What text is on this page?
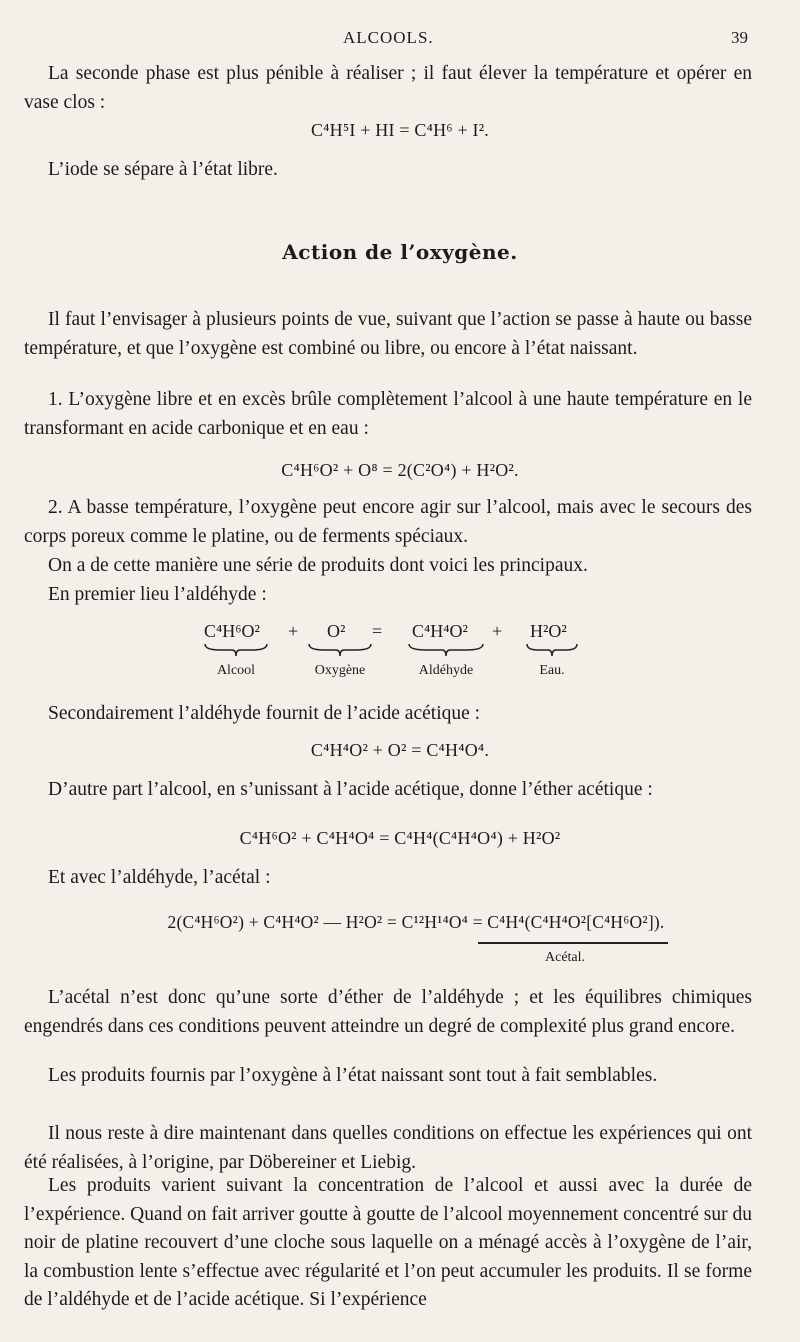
ALCOOLS.	39

La seconde phase est plus pénible à réaliser ; il faut élever la température et opérer en vase clos :

C⁴H⁵I + HI = C⁴H⁶ + I².

L’iode se sépare à l’état libre.

Action de l’oxygène.

Il faut l’envisager à plusieurs points de vue, suivant que l’action se passe à haute ou basse température, et que l’oxygène est combiné ou libre, ou encore à l’état naissant.

1. L’oxygène libre et en excès brûle complètement l’alcool à une haute température en le transformant en acide carbonique et en eau :

C⁴H⁶O² + O⁸ = 2(C²O⁴) + H²O².

2. A basse température, l’oxygène peut encore agir sur l’alcool, mais avec le secours des corps poreux comme le platine, ou de ferments spéciaux.

On a de cette manière une série de produits dont voici les principaux.

En premier lieu l’aldéhyde :

C⁴H⁶O² + O² = C⁴H⁴O² + H²O²
Alcool	Oxygène	Aldéhyde	Eau.

Secondairement l’aldéhyde fournit de l’acide acétique :

C⁴H⁴O² + O² = C⁴H⁴O⁴.

D’autre part l’alcool, en s’unissant à l’acide acétique, donne l’éther acétique :

C⁴H⁶O² + C⁴H⁴O⁴ = C⁴H⁴(C⁴H⁴O⁴) + H²O²

Et avec l’aldéhyde, l’acétal :

2(C⁴H⁶O²) + C⁴H⁴O² — H²O² = C¹²H¹⁴O⁴ = C⁴H⁴(C⁴H⁴O²[C⁴H⁶O²]).
Acétal.

L’acétal n’est donc qu’une sorte d’éther de l’aldéhyde ; et les équilibres chimiques engendrés dans ces conditions peuvent atteindre un degré de complexité plus grand encore.

Les produits fournis par l’oxygène à l’état naissant sont tout à fait semblables.

Il nous reste à dire maintenant dans quelles conditions on effectue les expériences qui ont été réalisées, à l’origine, par Döbereiner et Liebig.

Les produits varient suivant la concentration de l’alcool et aussi avec la durée de l’expérience. Quand on fait arriver goutte à goutte de l’alcool moyennement concentré sur du noir de platine recouvert d’une cloche sous laquelle on a ménagé accès à l’oxygène de l’air, la combustion lente s’effectue avec régularité et l’on peut accumuler les produits. Il se forme de l’aldéhyde et de l’acide acétique. Si l’expérience
